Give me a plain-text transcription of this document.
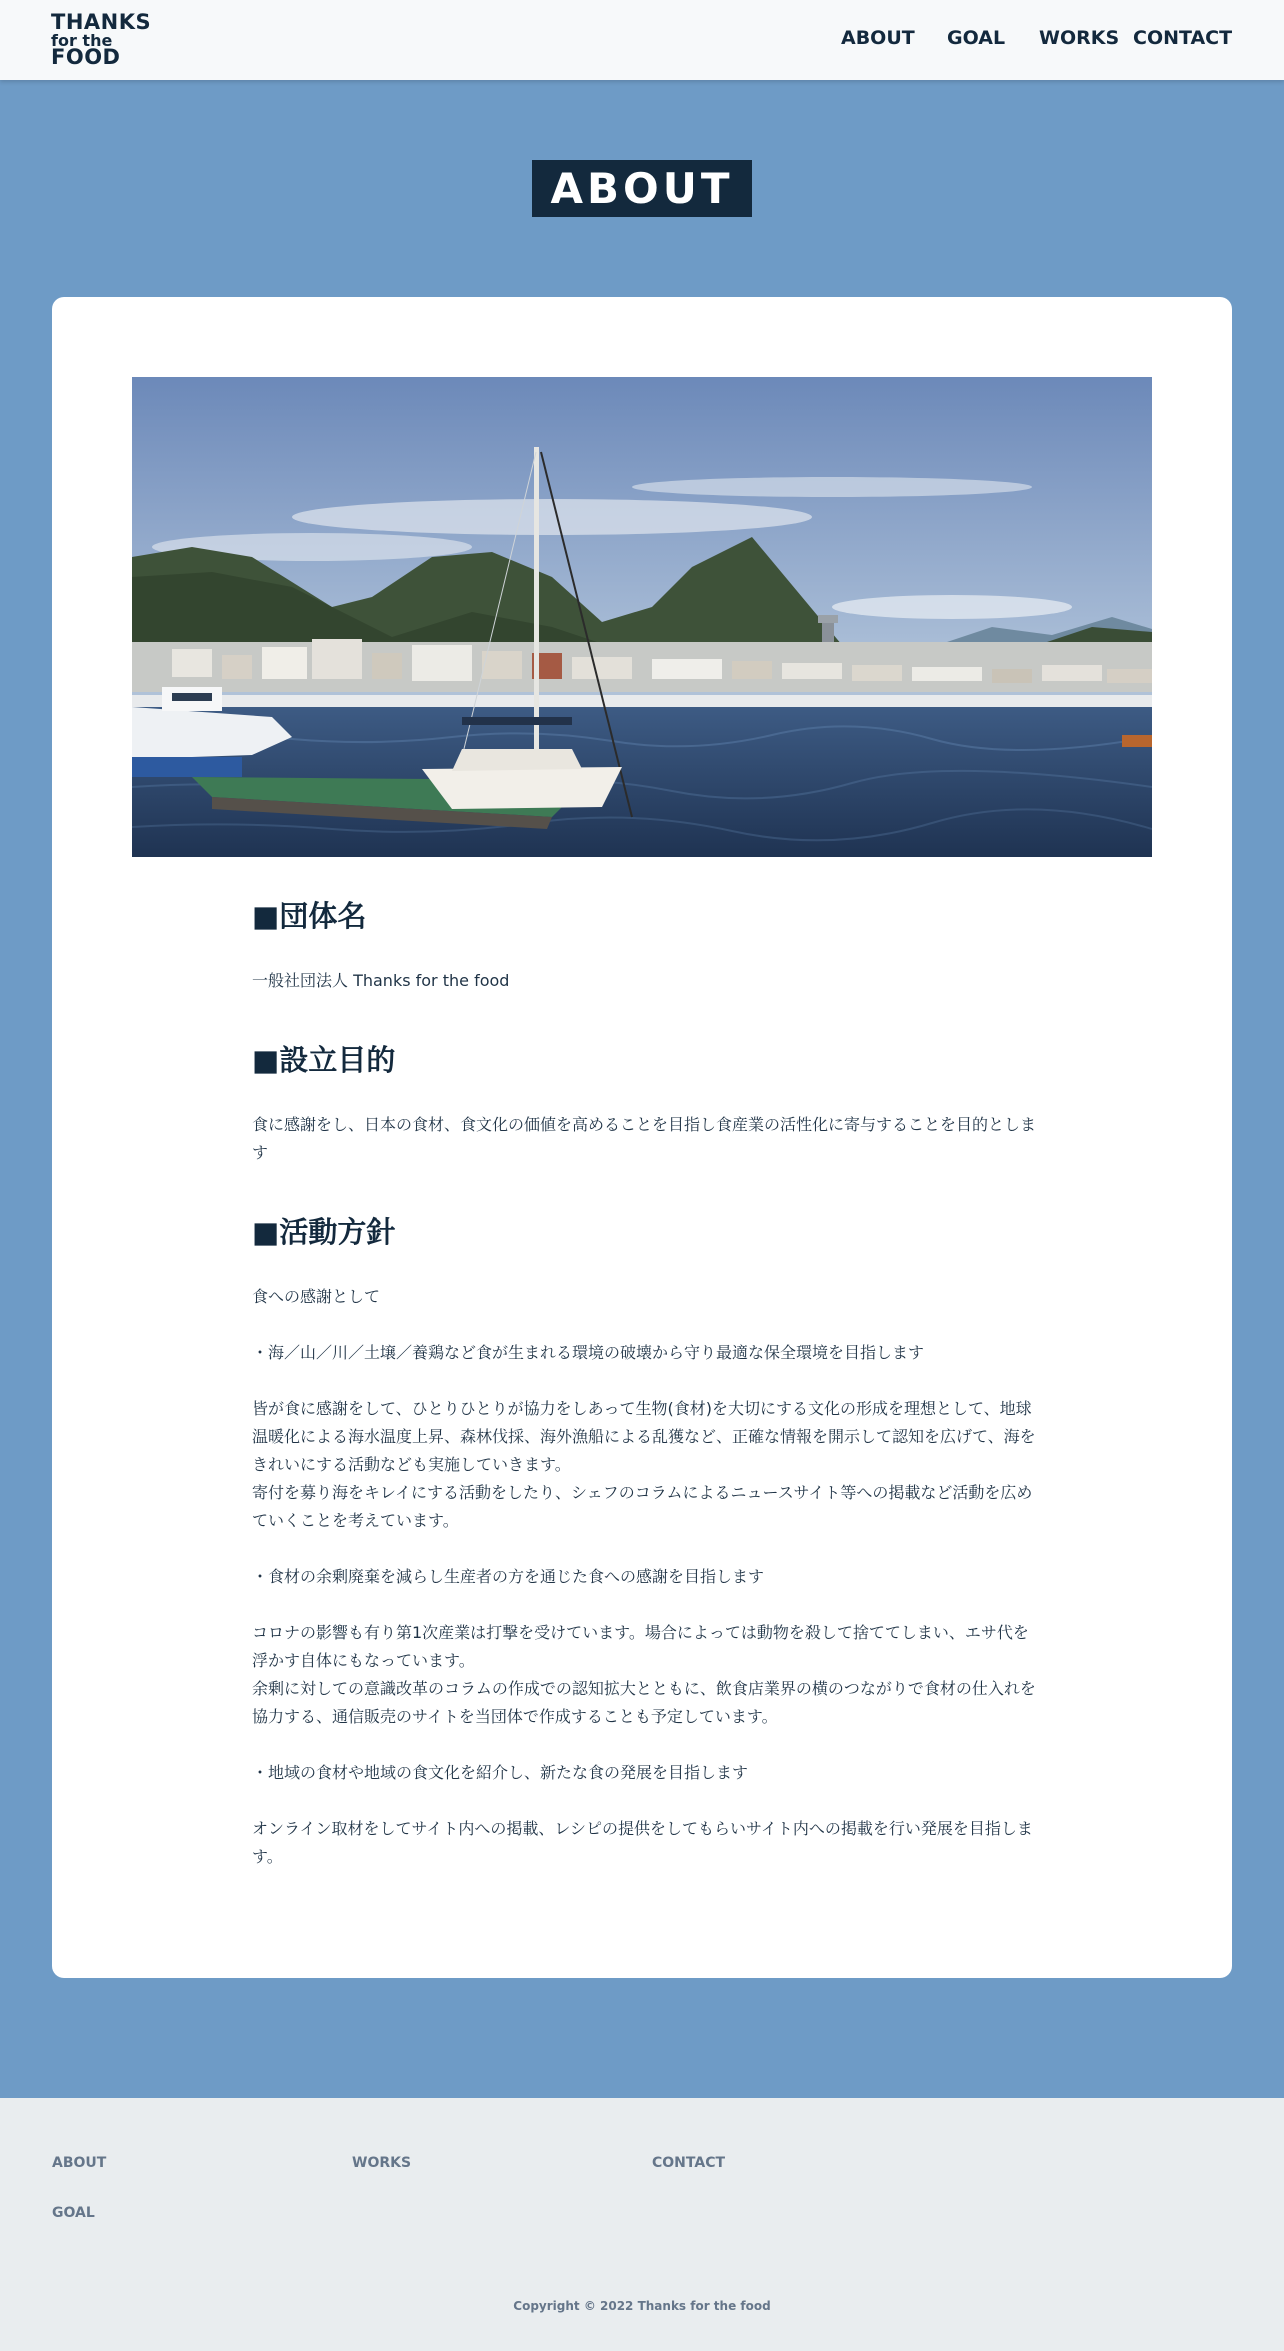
THANKS
for the
FOOD
ABOUT GOAL WORKS CONTACT
ABOUT
■団体名

一般社団法人 Thanks for the food

■設立目的

食に感謝をし、日本の食材、食文化の価値を高めることを目指し食産業の活性化に寄与することを目的とします

■活動方針

食への感謝として

・海／山／川／土壌／養鶏など食が生まれる環境の破壊から守り最適な保全環境を目指します

皆が食に感謝をして、ひとりひとりが協力をしあって生物(食材)を大切にする文化の形成を理想として、地球温暖化による海水温度上昇、森林伐採、海外漁船による乱獲など、正確な情報を開示して認知を広げて、海をきれいにする活動なども実施していきます。

寄付を募り海をキレイにする活動をしたり、シェフのコラムによるニュースサイト等への掲載など活動を広めていくことを考えています。

・食材の余剰廃棄を減らし生産者の方を通じた食への感謝を目指します

コロナの影響も有り第1次産業は打撃を受けています。場合によっては動物を殺して捨ててしまい、エサ代を浮かす自体にもなっています。

余剰に対しての意識改革のコラムの作成での認知拡大とともに、飲食店業界の横のつながりで食材の仕入れを協力する、通信販売のサイトを当団体で作成することも予定しています。

・地域の食材や地域の食文化を紹介し、新たな食の発展を目指します

オンライン取材をしてサイト内への掲載、レシピの提供をしてもらいサイト内への掲載を行い発展を目指します。

ABOUT	WORKS	CONTACT
GOAL
Copyright © 2022 Thanks for the food
